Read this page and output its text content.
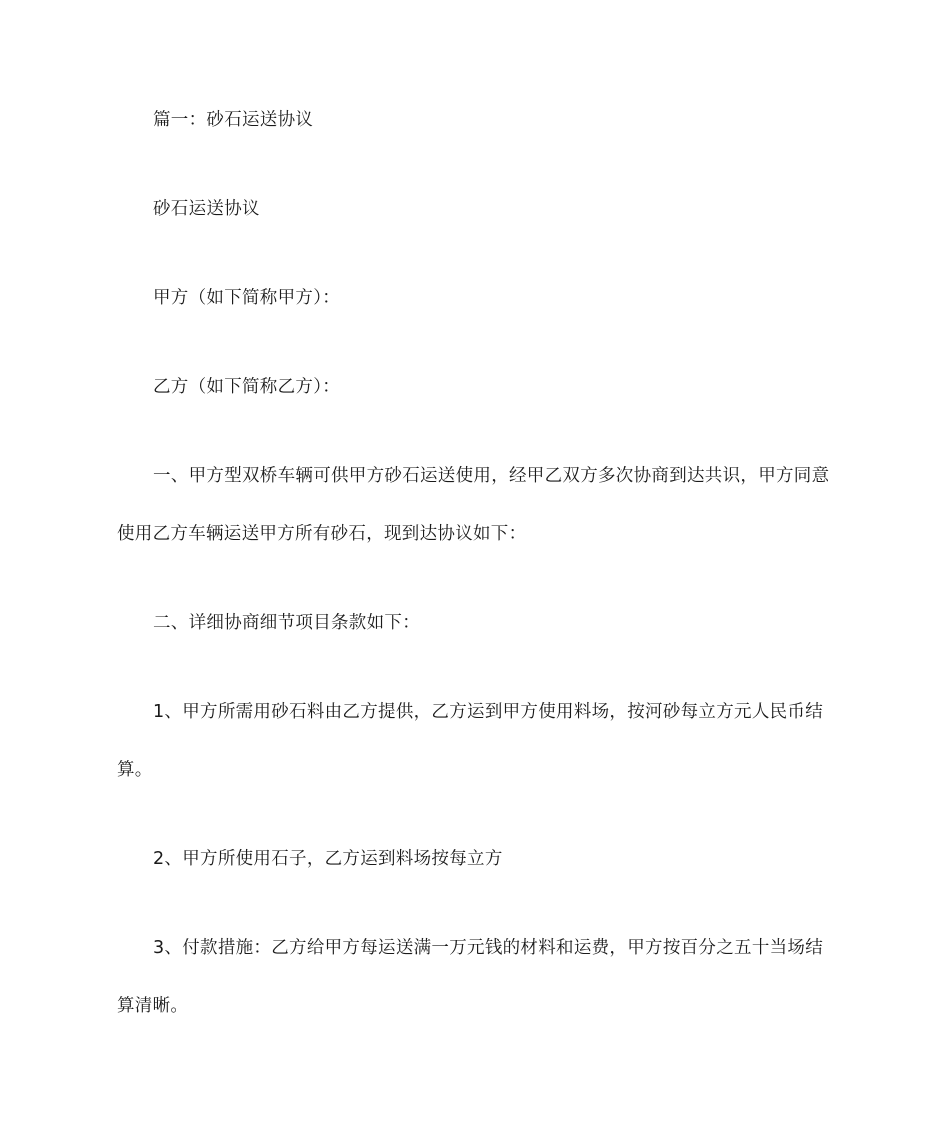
篇一：砂石运送协议

砂石运送协议

甲方（如下简称甲方）：

乙方（如下简称乙方）：

一、甲方型双桥车辆可供甲方砂石运送使用，经甲乙双方多次协商到达共识，甲方同意使用乙方车辆运送甲方所有砂石，现到达协议如下：

二、详细协商细节项目条款如下：

1、甲方所需用砂石料由乙方提供，乙方运到甲方使用料场，按河砂每立方元人民币结算。

2、甲方所使用石子，乙方运到料场按每立方

3、付款措施：乙方给甲方每运送满一万元钱的材料和运费，甲方按百分之五十当场结算清晰。
